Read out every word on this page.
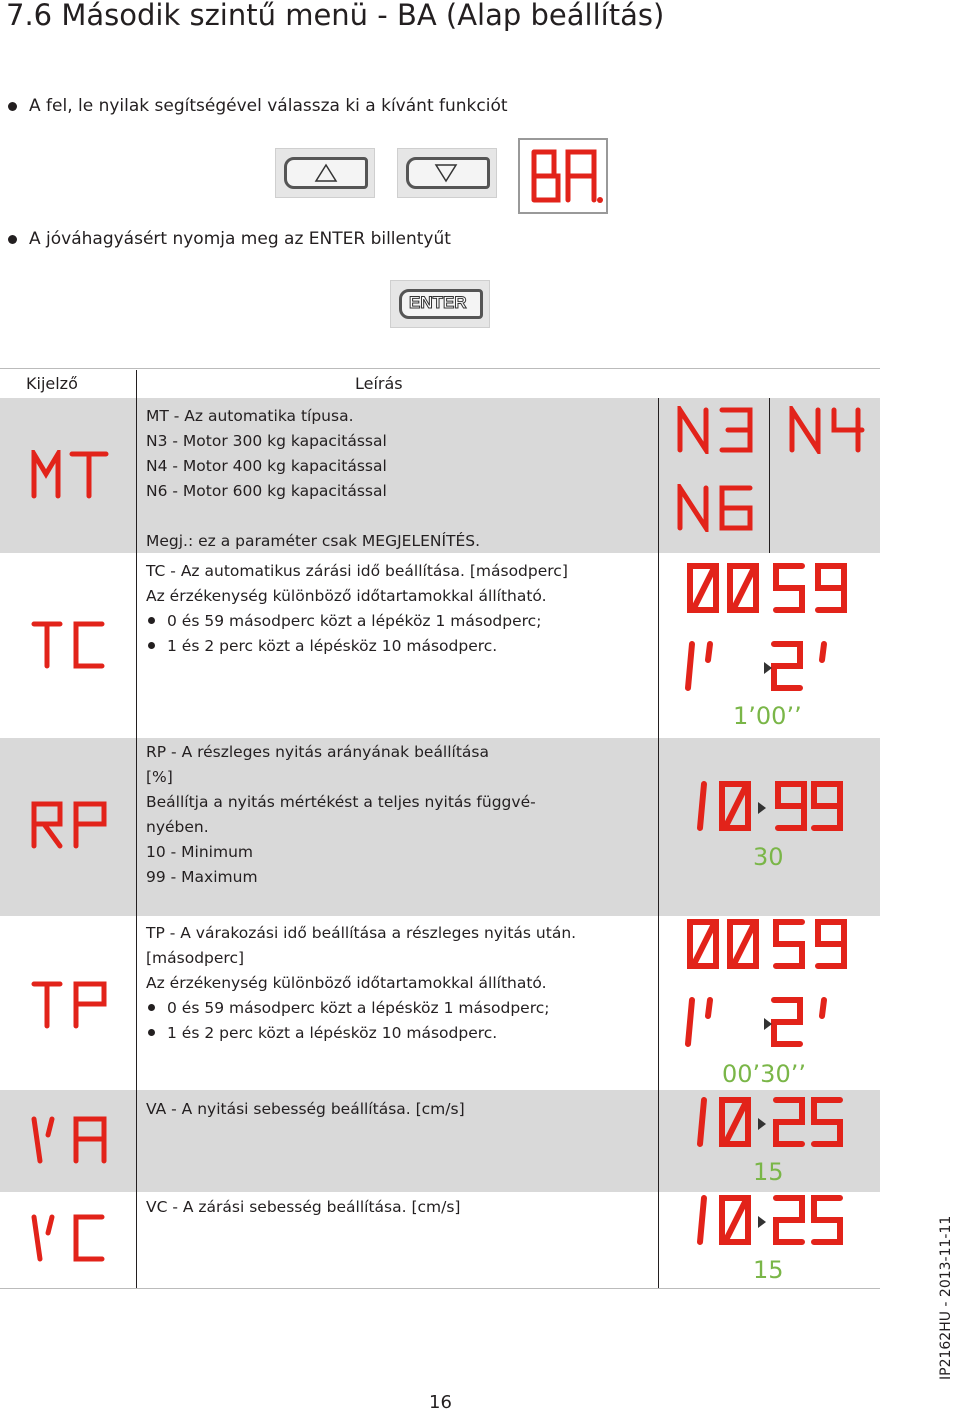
7.6 Második szintű menü - BA (Alap beállítás)
A fel, le nyilak segítségével válassza ki a kívánt funkciót
A jóváhagyásért nyomja meg az ENTER billentyűt
ENTER
Kijelző	Leírás
MT - Az automatika típusa.
N3 - Motor 300 kg kapacitással
N4 - Motor 400 kg kapacitással
N6 - Motor 600 kg kapacitással
Megj.: ez a paraméter csak MEGJELENÍTÉS.
TC - Az automatikus zárási idő beállítása. [másodperc]
Az érzékenység különböző időtartamokkal állítható.
0 és 59 másodperc közt a lépéköz 1 másodperc;
1 és 2 perc közt a lépésköz 10 másodperc.
1’00’’
RP - A részleges nyitás arányának beállítása
[%]
Beállítja a nyitás mértékést a teljes nyitás függvé-
nyében.
10 - Minimum
99 - Maximum
30
TP - A várakozási idő beállítása a részleges nyitás után.
[másodperc]
Az érzékenység különböző időtartamokkal állítható.
0 és 59 másodperc közt a lépésköz 1 másodperc;
1 és 2 perc közt a lépésköz 10 másodperc.
00’30’’
VA - A nyitási sebesség beállítása. [cm/s]
15
VC - A zárási sebesség beállítása. [cm/s]
15	IP2162HU - 2013-11-11
16
